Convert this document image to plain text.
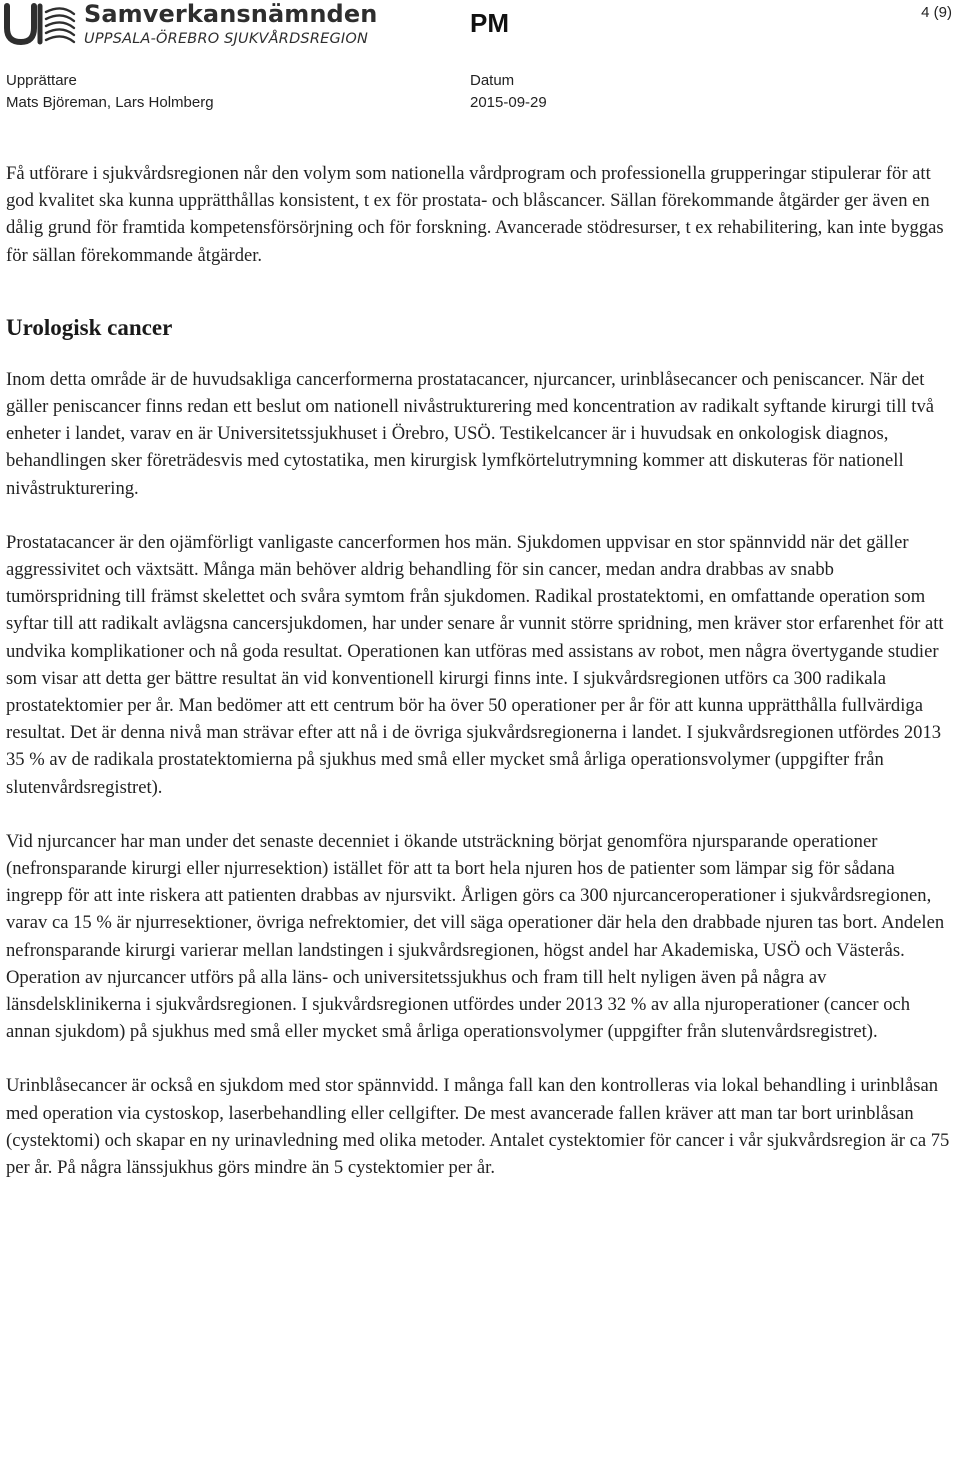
Samverkansnämnden
UPPSALA-ÖREBRO SJUKVÅRDSREGION
PM	4 (9)
Upprättare
Mats Björeman, Lars Holmberg
Datum
2015-09-29

Få utförare i sjukvårdsregionen når den volym som nationella vårdprogram och professionella grupperingar stipulerar för att god kvalitet ska kunna upprätthållas konsistent, t ex för prostata- och blåscancer. Sällan förekommande åtgärder ger även en dålig grund för framtida kompetensförsörjning och för forskning. Avancerade stödresurser, t ex rehabilitering, kan inte byggas för sällan förekommande åtgärder.

Urologisk cancer

Inom detta område är de huvudsakliga cancerformerna prostatacancer, njurcancer, urinblåsecancer och peniscancer. När det gäller peniscancer finns redan ett beslut om nationell nivåstrukturering med koncentration av radikalt syftande kirurgi till två enheter i landet, varav en är Universitetssjukhuset i Örebro, USÖ. Testikelcancer är i huvudsak en onkologisk diagnos, behandlingen sker företrädesvis med cytostatika, men kirurgisk lymfkörtelutrymning kommer att diskuteras för nationell nivåstrukturering.

Prostatacancer är den ojämförligt vanligaste cancerformen hos män. Sjukdomen uppvisar en stor spännvidd när det gäller aggressivitet och växtsätt. Många män behöver aldrig behandling för sin cancer, medan andra drabbas av snabb tumörspridning till främst skelettet och svåra symtom från sjukdomen. Radikal prostatektomi, en omfattande operation som syftar till att radikalt avlägsna cancersjukdomen, har under senare år vunnit större spridning, men kräver stor erfarenhet för att undvika komplikationer och nå goda resultat. Operationen kan utföras med assistans av robot, men några övertygande studier som visar att detta ger bättre resultat än vid konventionell kirurgi finns inte. I sjukvårdsregionen utförs ca 300 radikala prostatektomier per år. Man bedömer att ett centrum bör ha över 50 operationer per år för att kunna upprätthålla fullvärdiga resultat. Det är denna nivå man strävar efter att nå i de övriga sjukvårdsregionerna i landet. I sjukvårdsregionen utfördes 2013 35 % av de radikala prostatektomierna på sjukhus med små eller mycket små årliga operationsvolymer (uppgifter från slutenvårdsregistret).

Vid njurcancer har man under det senaste decenniet i ökande utsträckning börjat genomföra njursparande operationer (nefronsparande kirurgi eller njurresektion) istället för att ta bort hela njuren hos de patienter som lämpar sig för sådana ingrepp för att inte riskera att patienten drabbas av njursvikt. Årligen görs ca 300 njurcanceroperationer i sjukvårdsregionen, varav ca 15 % är njurresektioner, övriga nefrektomier, det vill säga operationer där hela den drabbade njuren tas bort. Andelen nefronsparande kirurgi varierar mellan landstingen i sjukvårdsregionen, högst andel har Akademiska, USÖ och Västerås. Operation av njurcancer utförs på alla läns- och universitetssjukhus och fram till helt nyligen även på några av länsdelsklinikerna i sjukvårdsregionen. I sjukvårdsregionen utfördes under 2013 32 % av alla njuroperationer (cancer och annan sjukdom) på sjukhus med små eller mycket små årliga operationsvolymer (uppgifter från slutenvårdsregistret).

Urinblåsecancer är också en sjukdom med stor spännvidd. I många fall kan den kontrolleras via lokal behandling i urinblåsan med operation via cystoskop, laserbehandling eller cellgifter. De mest avancerade fallen kräver att man tar bort urinblåsan (cystektomi) och skapar en ny urinavledning med olika metoder. Antalet cystektomier för cancer i vår sjukvårdsregion är ca 75 per år. På några länssjukhus görs mindre än 5 cystektomier per år.
